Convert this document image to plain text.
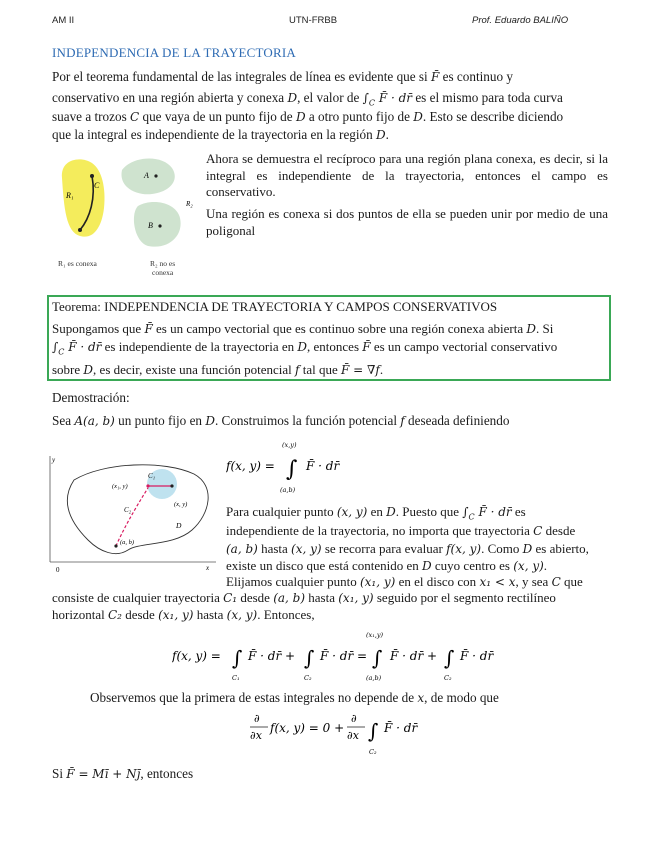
AM II	UTN-FRBB	Prof. Eduardo BALIÑO
INDEPENDENCIA DE LA TRAYECTORIA
Por el teorema fundamental de las integrales de línea es evidente que si F̄ es continuo y
conservativo en una región abierta y conexa D, el valor de $\int_C$ F̄ · dr̄ es el mismo para toda curva
suave a trozos C que vaya de un punto fijo de D a otro punto fijo de D. Esto se describe diciendo
que la integral es independiente de la trayectoria en la región D.
R₁
C
A
B
R₂
R₁ es conexa	R₂ no es
conexa
Ahora se demuestra el recíproco para una región plana conexa, es decir, si la integral es independiente de la trayectoria, entonces el campo es conservativo.
Una región es conexa si dos puntos de ella se pueden unir por medio de una poligonal
Teorema: INDEPENDENCIA DE TRAYECTORIA Y CAMPOS CONSERVATIVOS
Supongamos que F̄ es un campo vectorial que es continuo sobre una región conexa abierta D. Si
$\int_C$ F̄ · dr̄ es independiente de la trayectoria en D, entonces F̄ es un campo vectorial conservativo
sobre D, es decir, existe una función potencial f tal que F̄ = ∇̄f.
Demostración:
Sea A(a, b) un punto fijo en D. Construimos la función potencial f deseada definiendo
y
x
0
(x₁, y)
C₁
(x, y)
C₂
D
(a, b)
f(x, y) = ∫
(x,y)
(a,b)
F̄ · dr̄
Para cualquier punto (x, y) en D. Puesto que $\int_C$ F̄ · dr̄ es
independiente de la trayectoria, no importa que trayectoria C desde
(a, b) hasta (x, y) se recorra para evaluar f(x, y). Como D es abierto,
existe un disco que está contenido en D cuyo centro es (x, y).
Elijamos cualquier punto (x₁, y) en el disco con x₁ < x, y sea C que
consiste de cualquier trayectoria C₁ desde (a, b) hasta (x₁, y) seguido por el segmento rectilíneo
horizontal C₂ desde (x₁, y) hasta (x, y). Entonces,
f(x, y) = ∫
C₁
F̄ · dr̄ + ∫
C₂
F̄ · dr̄ = ∫
(x₁,y)
(a,b)
F̄ · dr̄ + ∫
C₂
F̄ · dr̄
Observemos que la primera de estas integrales no depende de x, de modo que
∂
∂x
f(x, y) = 0 +
∂
∂x ∫
C₂
F̄ · dr̄
Si F̄ = Mī + Nj̄, entonces
